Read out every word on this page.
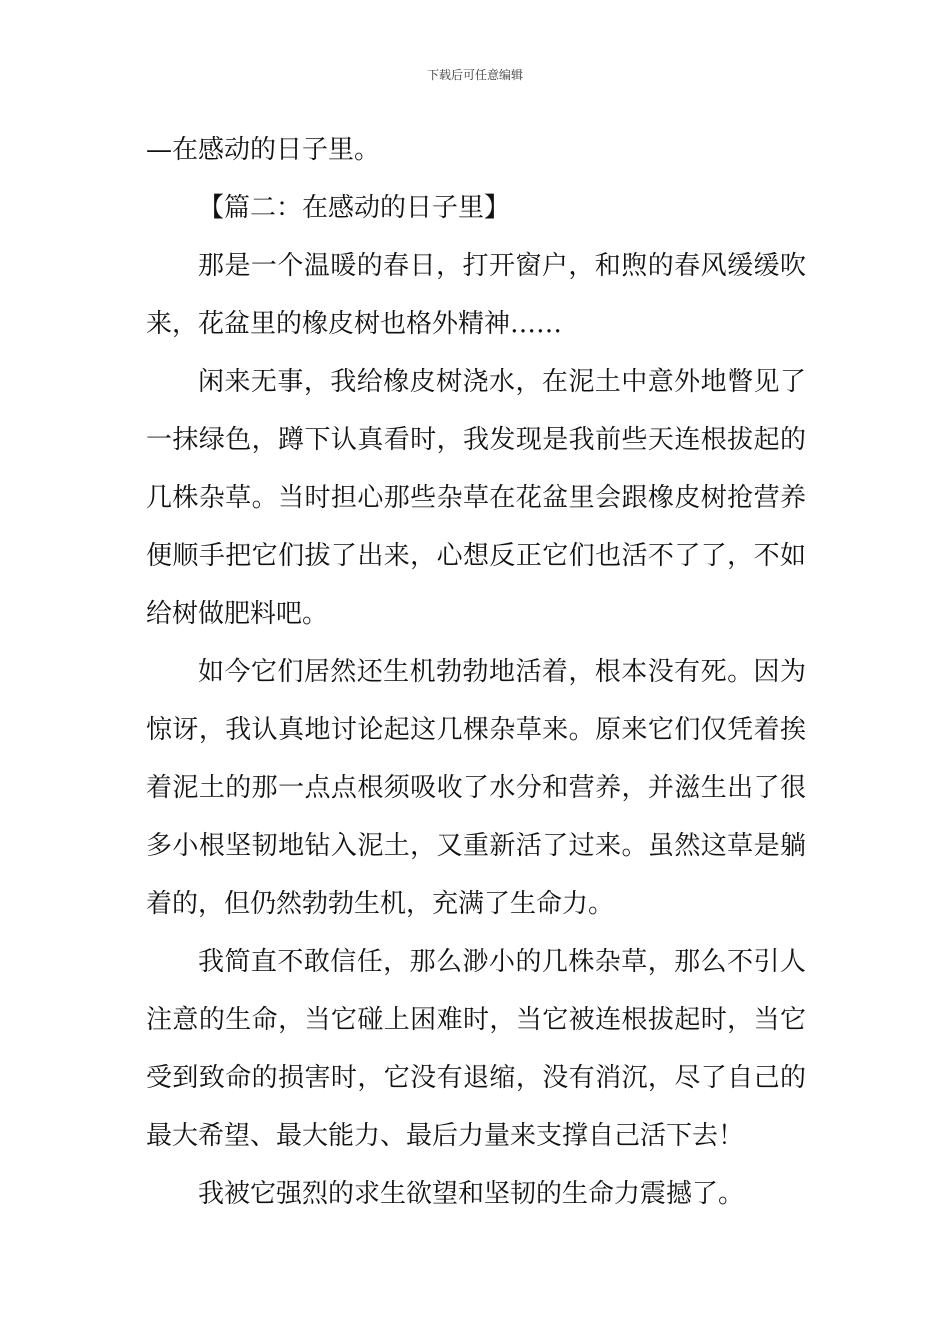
下载后可任意编辑
—在感动的日子里。
【篇二：在感动的日子里】
那是一个温暖的春日，打开窗户，和煦的春风缓缓吹
来，花盆里的橡皮树也格外精神……
闲来无事，我给橡皮树浇水，在泥土中意外地瞥见了
一抹绿色，蹲下认真看时，我发现是我前些天连根拔起的
几株杂草。当时担心那些杂草在花盆里会跟橡皮树抢营养
便顺手把它们拔了出来，心想反正它们也活不了了，不如
给树做肥料吧。
如今它们居然还生机勃勃地活着，根本没有死。因为
惊讶，我认真地讨论起这几棵杂草来。原来它们仅凭着挨
着泥土的那一点点根须吸收了水分和营养，并滋生出了很
多小根坚韧地钻入泥土，又重新活了过来。虽然这草是躺
着的，但仍然勃勃生机，充满了生命力。
我简直不敢信任，那么渺小的几株杂草，那么不引人
注意的生命，当它碰上困难时，当它被连根拔起时，当它
受到致命的损害时，它没有退缩，没有消沉，尽了自己的
最大希望、最大能力、最后力量来支撑自己活下去！
我被它强烈的求生欲望和坚韧的生命力震撼了。
